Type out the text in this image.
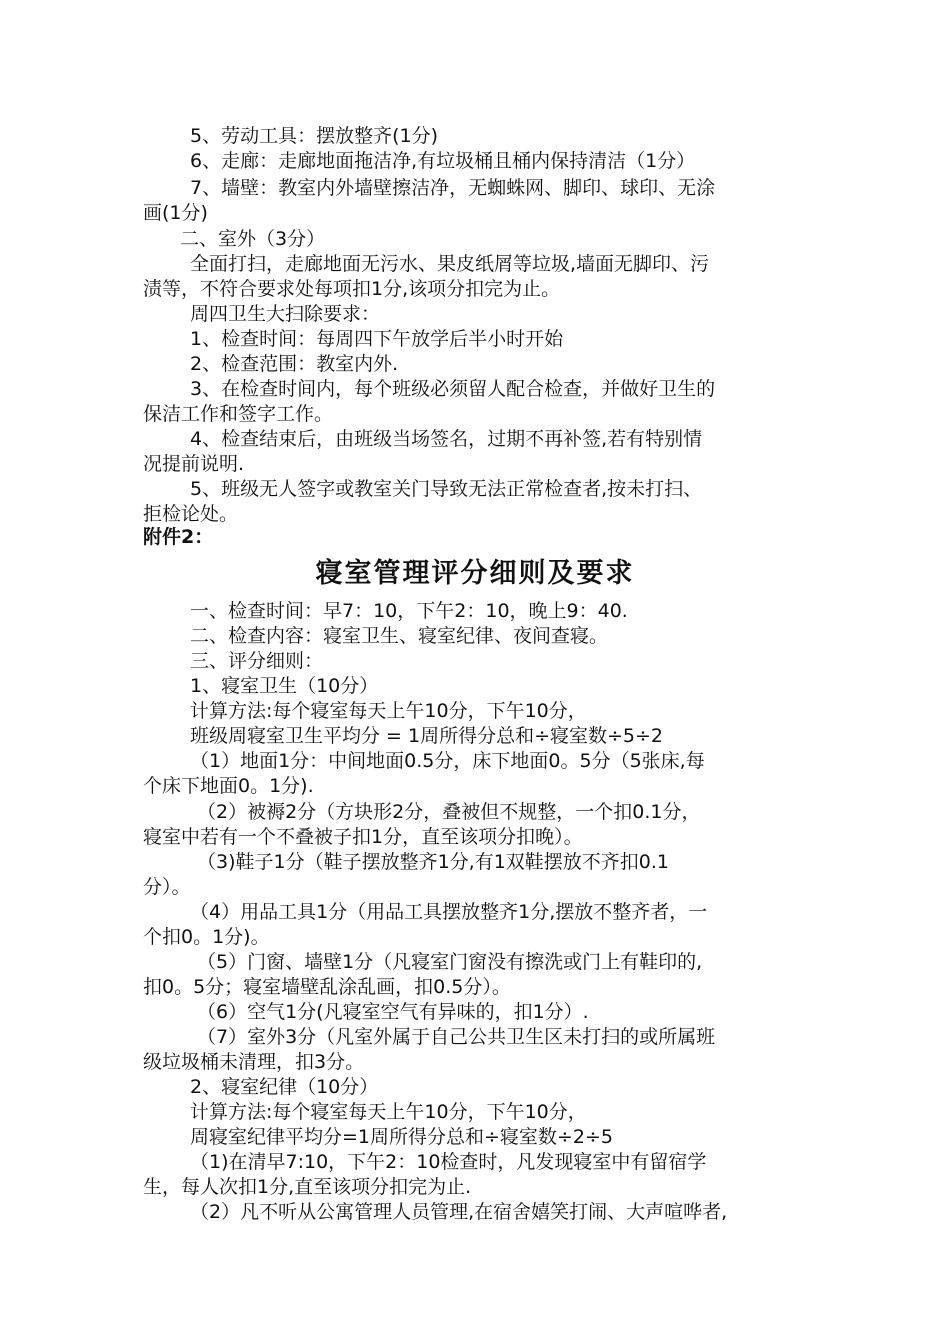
5、劳动工具：摆放整齐(1分)

6、走廊：走廊地面拖洁净,有垃圾桶且桶内保持清洁（1分）

7、墙壁：教室内外墙壁擦洁净，无蜘蛛网、脚印、球印、无涂

画(1分)

二、室外（3分）

全面打扫，走廊地面无污水、果皮纸屑等垃圾,墙面无脚印、污

渍等，不符合要求处每项扣1分,该项分扣完为止。

周四卫生大扫除要求：

1、检查时间：每周四下午放学后半小时开始

2、检查范围：教室内外.

3、在检查时间内，每个班级必须留人配合检查，并做好卫生的

保洁工作和签字工作。

4、检查结束后，由班级当场签名，过期不再补签,若有特别情

况提前说明.

5、班级无人签字或教室关门导致无法正常检查者,按未打扫、

拒检论处。

附件2：

寝室管理评分细则及要求

一、检查时间：早7：10，下午2：10，晚上9：40.

二、检查内容：寝室卫生、寝室纪律、夜间查寝。

三、评分细则：

1、寝室卫生（10分）

计算方法:每个寝室每天上午10分，下午10分，

班级周寝室卫生平均分 = 1周所得分总和÷寝室数÷5÷2

（1）地面1分：中间地面0.5分，床下地面0。5分（5张床,每

个床下地面0。1分).

（2）被褥2分（方块形2分，叠被但不规整，一个扣0.1分，

寝室中若有一个不叠被子扣1分，直至该项分扣晚）。

（3)鞋子1分（鞋子摆放整齐1分,有1双鞋摆放不齐扣0.1

分）。

（4）用品工具1分（用品工具摆放整齐1分,摆放不整齐者，一

个扣0。1分)。

（5）门窗、墙壁1分（凡寝室门窗没有擦洗或门上有鞋印的,

扣0。5分；寝室墙壁乱涂乱画，扣0.5分）。

（6）空气1分(凡寝室空气有异味的，扣1分）.

（7）室外3分（凡室外属于自己公共卫生区未打扫的或所属班

级垃圾桶未清理，扣3分。

2、寝室纪律（10分）

计算方法:每个寝室每天上午10分，下午10分，

周寝室纪律平均分=1周所得分总和÷寝室数÷2÷5

（1)在清早7:10，下午2：10检查时，凡发现寝室中有留宿学

生，每人次扣1分,直至该项分扣完为止.

（2）凡不听从公寓管理人员管理,在宿舍嬉笑打闹、大声喧哗者,
